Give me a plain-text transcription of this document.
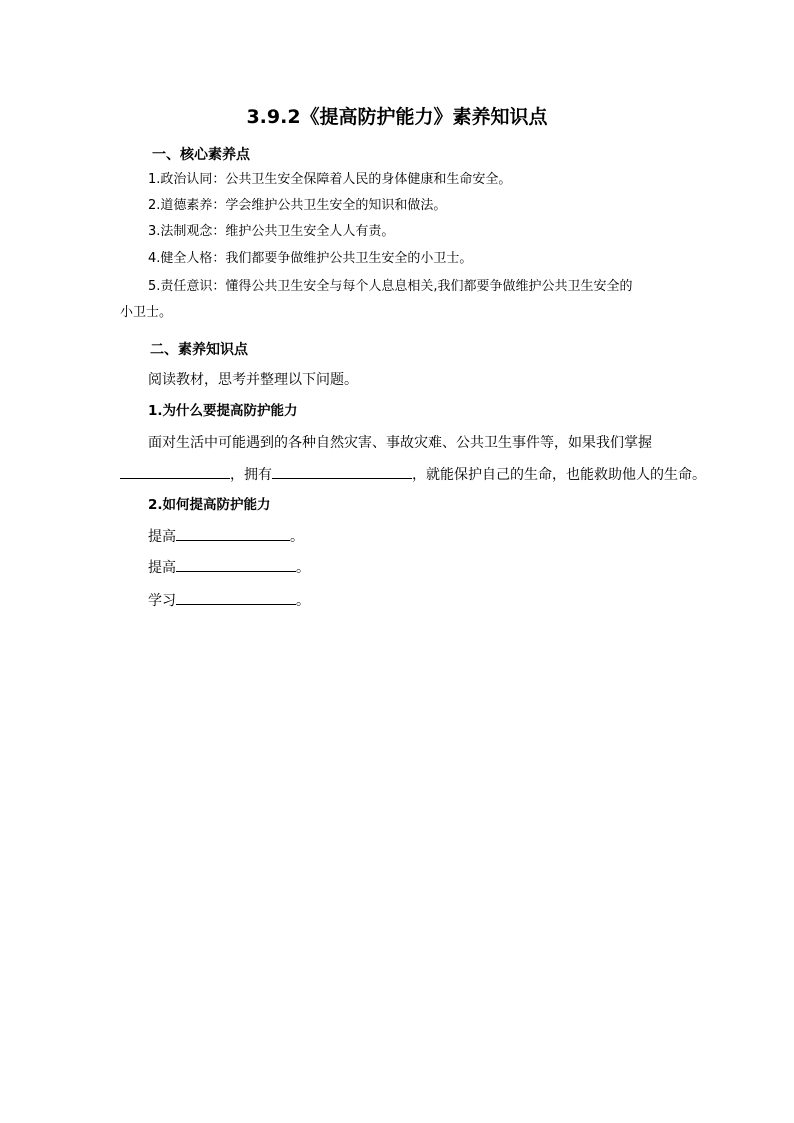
3.9.2《提高防护能力》素养知识点
一、核心素养点
1.政治认同：公共卫生安全保障着人民的身体健康和生命安全。
2.道德素养：学会维护公共卫生安全的知识和做法。
3.法制观念：维护公共卫生安全人人有责。
4.健全人格：我们都要争做维护公共卫生安全的小卫士。
5.责任意识：懂得公共卫生安全与每个人息息相关,我们都要争做维护公共卫生安全的
小卫士。
二、素养知识点
阅读教材，思考并整理以下问题。
1.为什么要提高防护能力
面对生活中可能遇到的各种自然灾害、事故灾难、公共卫生事件等，如果我们掌握
，拥有	，就能保护自己的生命，也能救助他人的生命。
2.如何提高防护能力
提高	。
提高	。
学习	。
